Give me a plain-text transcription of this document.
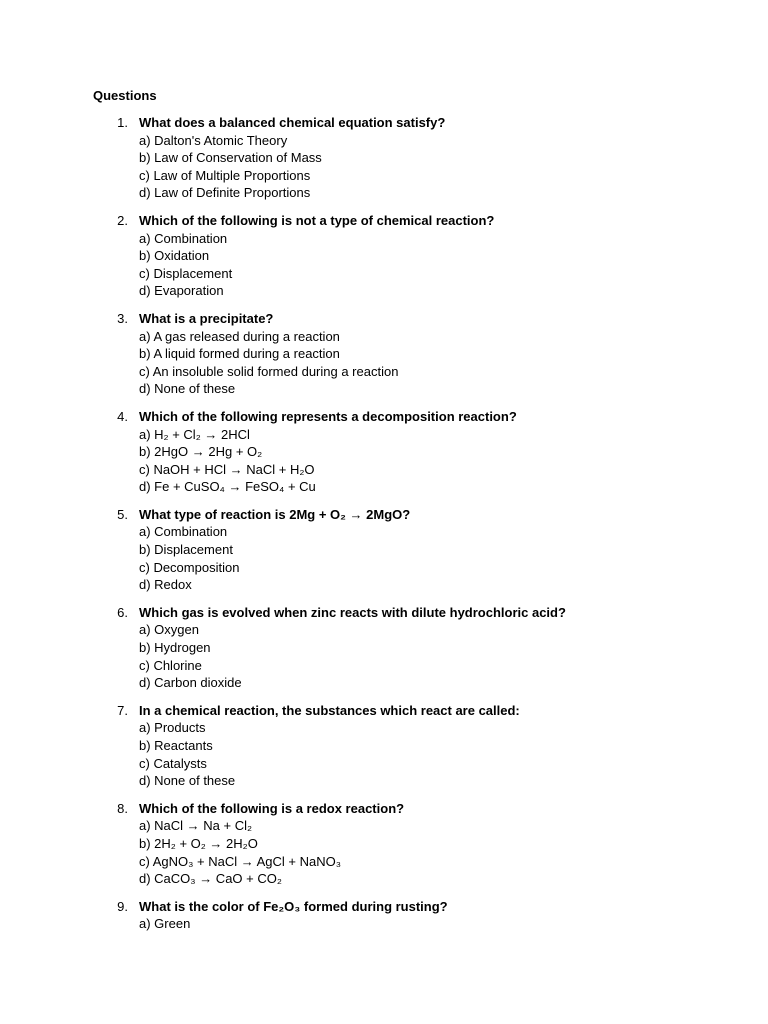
Questions
1. What does a balanced chemical equation satisfy?
a) Dalton's Atomic Theory
b) Law of Conservation of Mass
c) Law of Multiple Proportions
d) Law of Definite Proportions
2. Which of the following is not a type of chemical reaction?
a) Combination
b) Oxidation
c) Displacement
d) Evaporation
3. What is a precipitate?
a) A gas released during a reaction
b) A liquid formed during a reaction
c) An insoluble solid formed during a reaction
d) None of these
4. Which of the following represents a decomposition reaction?
a) H₂ + Cl₂ → 2HCl
b) 2HgO → 2Hg + O₂
c) NaOH + HCl → NaCl + H₂O
d) Fe + CuSO₄ → FeSO₄ + Cu
5. What type of reaction is 2Mg + O₂ → 2MgO?
a) Combination
b) Displacement
c) Decomposition
d) Redox
6. Which gas is evolved when zinc reacts with dilute hydrochloric acid?
a) Oxygen
b) Hydrogen
c) Chlorine
d) Carbon dioxide
7. In a chemical reaction, the substances which react are called:
a) Products
b) Reactants
c) Catalysts
d) None of these
8. Which of the following is a redox reaction?
a) NaCl → Na + Cl₂
b) 2H₂ + O₂ → 2H₂O
c) AgNO₃ + NaCl → AgCl + NaNO₃
d) CaCO₃ → CaO + CO₂
9. What is the color of Fe₂O₃ formed during rusting?
a) Green
